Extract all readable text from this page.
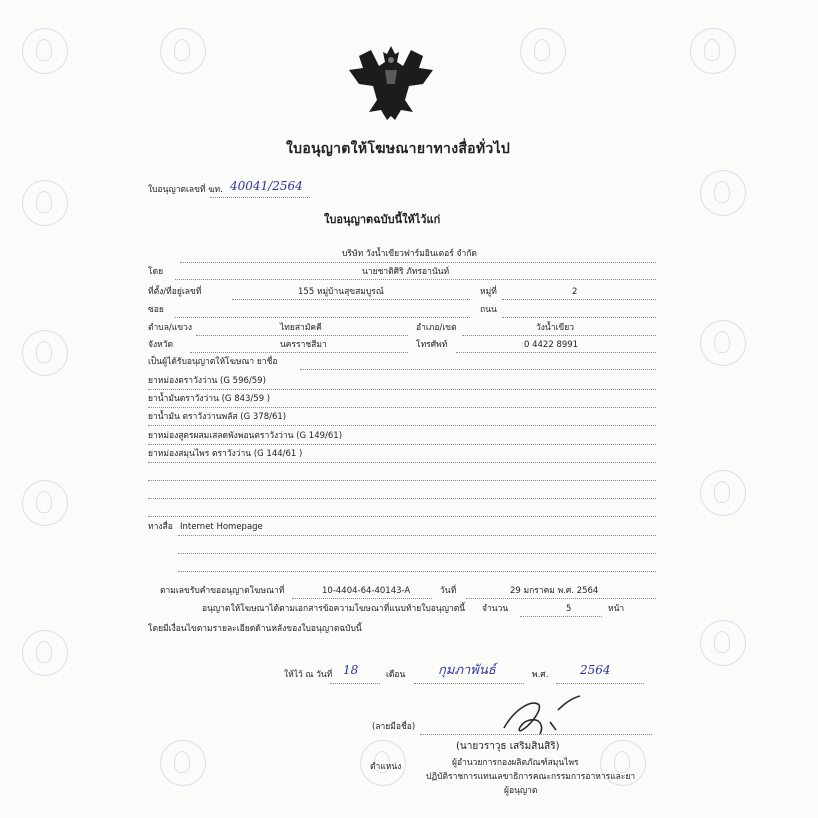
ใบอนุญาตให้โฆษณายาทางสื่อทั่วไป
ใบอนุญาตเลขที่ ฆท. 40041/2564
ใบอนุญาตฉบับนี้ให้ไว้แก่
บริษัท วังน้ำเขียวฟาร์มอินเตอร์ จำกัด
โดย	นายชาติศิริ ภัทรอานันท์
ที่ตั้ง/ที่อยู่เลขที่	155 หมู่บ้านสุขสมบูรณ์	หมู่ที่	2
ซอย	ถนน
ตำบล/แขวง	ไทยสามัคคี	อำเภอ/เขต	วังน้ำเขียว
จังหวัด	นครราชสีมา	โทรศัพท์	0 4422 8991
เป็นผู้ได้รับอนุญาตให้โฆษณา ยาชื่อ
ยาหม่องตราวังว่าน (G 596/59)
ยาน้ำมันตราวังว่าน (G 843/59 )
ยาน้ำมัน ตราวังว่านพลัส (G 378/61)
ยาหม่องสูตรผสมเสลดพังพอนตราวังว่าน (G 149/61)
ยาหม่องสมุนไพร ตราวังว่าน (G 144/61 )
ทางสื่อ Internet Homepage
ตามเลขรับคำขออนุญาตโฆษณาที่	10-4404-64-40143-A	วันที่	29 มกราคม พ.ศ. 2564
อนุญาตให้โฆษณาได้ตามเอกสารข้อความโฆษณาที่แนบท้ายใบอนุญาตนี้ จำนวน	5	หน้า
โดยมีเงื่อนไขตามรายละเอียดด้านหลังของใบอนุญาตฉบับนี้
ให้ไว้ ณ วันที่ 18	เดือน	กุมภาพันธ์	พ.ศ.	2564
(ลายมือชื่อ)
(นายวราวุธ เสริมสินสิริ)
ตำแหน่ง	ผู้อำนวยการกองผลิตภัณฑ์สมุนไพร
ปฏิบัติราชการแทนเลขาธิการคณะกรรมการอาหารและยา
ผู้อนุญาต
